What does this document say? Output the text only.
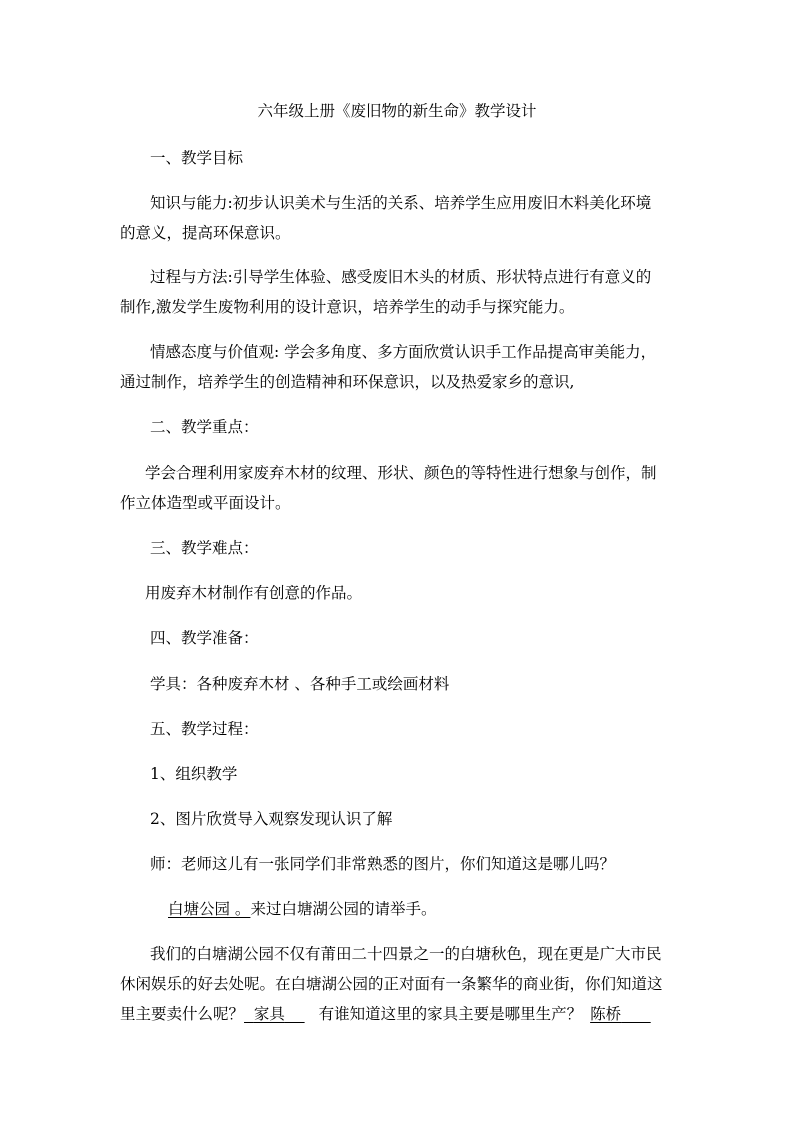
六年级上册《废旧物的新生命》教学设计
一、教学目标
知识与能力:初步认识美术与生活的关系、培养学生应用废旧木料美化环境
的意义，提高环保意识。
过程与方法:引导学生体验、感受废旧木头的材质、形状特点进行有意义的
制作,激发学生废物利用的设计意识，培养学生的动手与探究能力。
情感态度与价值观: 学会多角度、多方面欣赏认识手工作品提高审美能力，
通过制作，培养学生的创造精神和环保意识，以及热爱家乡的意识,
二、教学重点：
学会合理利用家废弃木材的纹理、形状、颜色的等特性进行想象与创作，制
作立体造型或平面设计。
三、教学难点：
用废弃木材制作有创意的作品。
四、教学准备：
学具：各种废弃木材 、各种手工或绘画材料
五、教学过程：
1、组织教学
2、图片欣赏导入观察发现认识了解
师：老师这儿有一张同学们非常熟悉的图片，你们知道这是哪儿吗？
白塘公园 。来过白塘湖公园的请举手。
我们的白塘湖公园不仅有莆田二十四景之一的白塘秋色，现在更是广大市民
休闲娱乐的好去处呢。在白塘湖公园的正对面有一条繁华的商业街，你们知道这
里主要卖什么呢？ 家具 有谁知道这里的家具主要是哪里生产？ 陈桥
